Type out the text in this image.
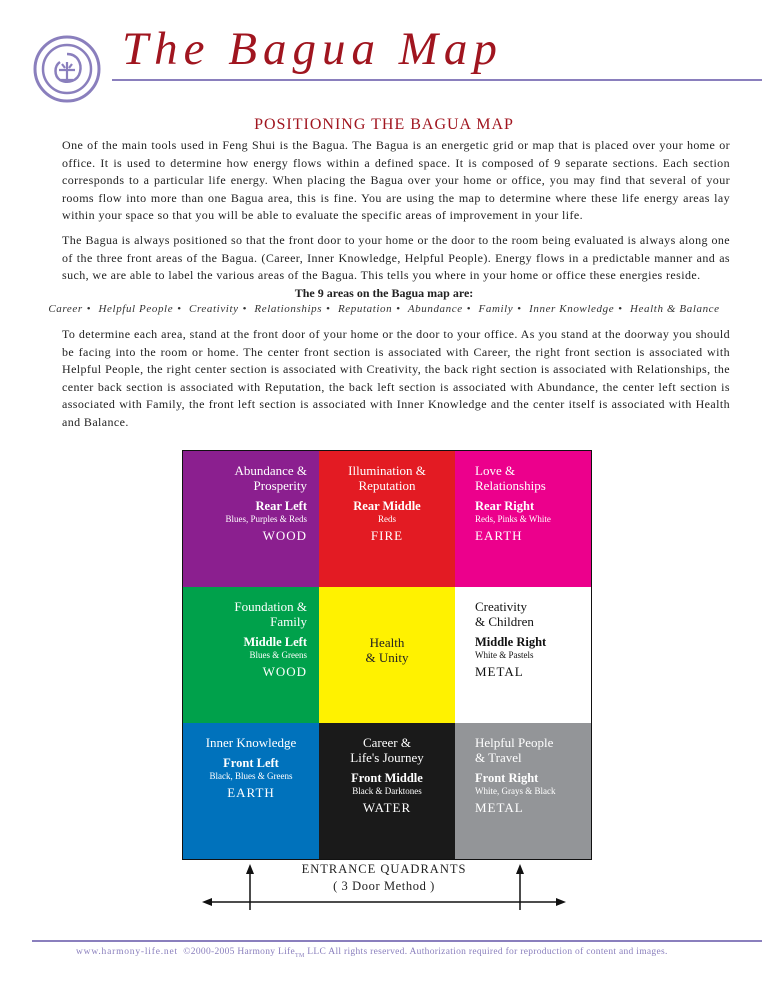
The Bagua Map
POSITIONING THE BAGUA MAP

One of the main tools used in Feng Shui is the Bagua. The Bagua is an energetic grid or map that is placed over your home or office. It is used to determine how energy flows within a defined space. It is composed of 9 separate sections. Each section corresponds to a particular life energy. When placing the Bagua over your home or office, you may find that several of your rooms flow into more than one Bagua area, this is fine. You are using the map to determine where these life energy areas lay within your space so that you will be able to evaluate the specific areas of improvement in your life.

The Bagua is always positioned so that the front door to your home or the door to the room being evaluated is always along one of the three front areas of the Bagua. (Career, Inner Knowledge, Helpful People). Energy flows in a predictable manner and as such, we are able to label the various areas of the Bagua. This tells you where in your home or office these energies reside.

The 9 areas on the Bagua map are:
Career • Helpful People • Creativity • Relationships • Reputation • Abundance • Family • Inner Knowledge • Health & Balance

To determine each area, stand at the front door of your home or the door to your office. As you stand at the doorway you should be facing into the room or home. The center front section is associated with Career, the right front section is associated with Helpful People, the right center section is associated with Creativity, the back right section is associated with Relationships, the center back section is associated with Reputation, the back left section is associated with Abundance, the center left section is associated with Family, the front left section is associated with Inner Knowledge and the center itself is associated with Health and Balance.

Abundance &
Prosperity
Rear Left
Blues, Purples & Reds
WOOD
Illumination &
Reputation
Rear Middle
Reds
FIRE
Love &
Relationships
Rear Right
Reds, Pinks & White
EARTH
Foundation &
Family
Middle Left
Blues & Greens
WOOD
Health
& Unity
Creativity
& Children
Middle Right
White & Pastels
METAL
Inner Knowledge
Front Left
Black, Blues & Greens
EARTH
Career &
Life's Journey
Front Middle
Black & Darktones
WATER
Helpful People
& Travel
Front Right
White, Grays & Black
METAL
ENTRANCE QUADRANTS
( 3 Door Method )
www.harmony-life.net ©2000-2005 Harmony Life$_{TM}$ LLC All rights reserved. Authorization required for reproduction of content and images.
